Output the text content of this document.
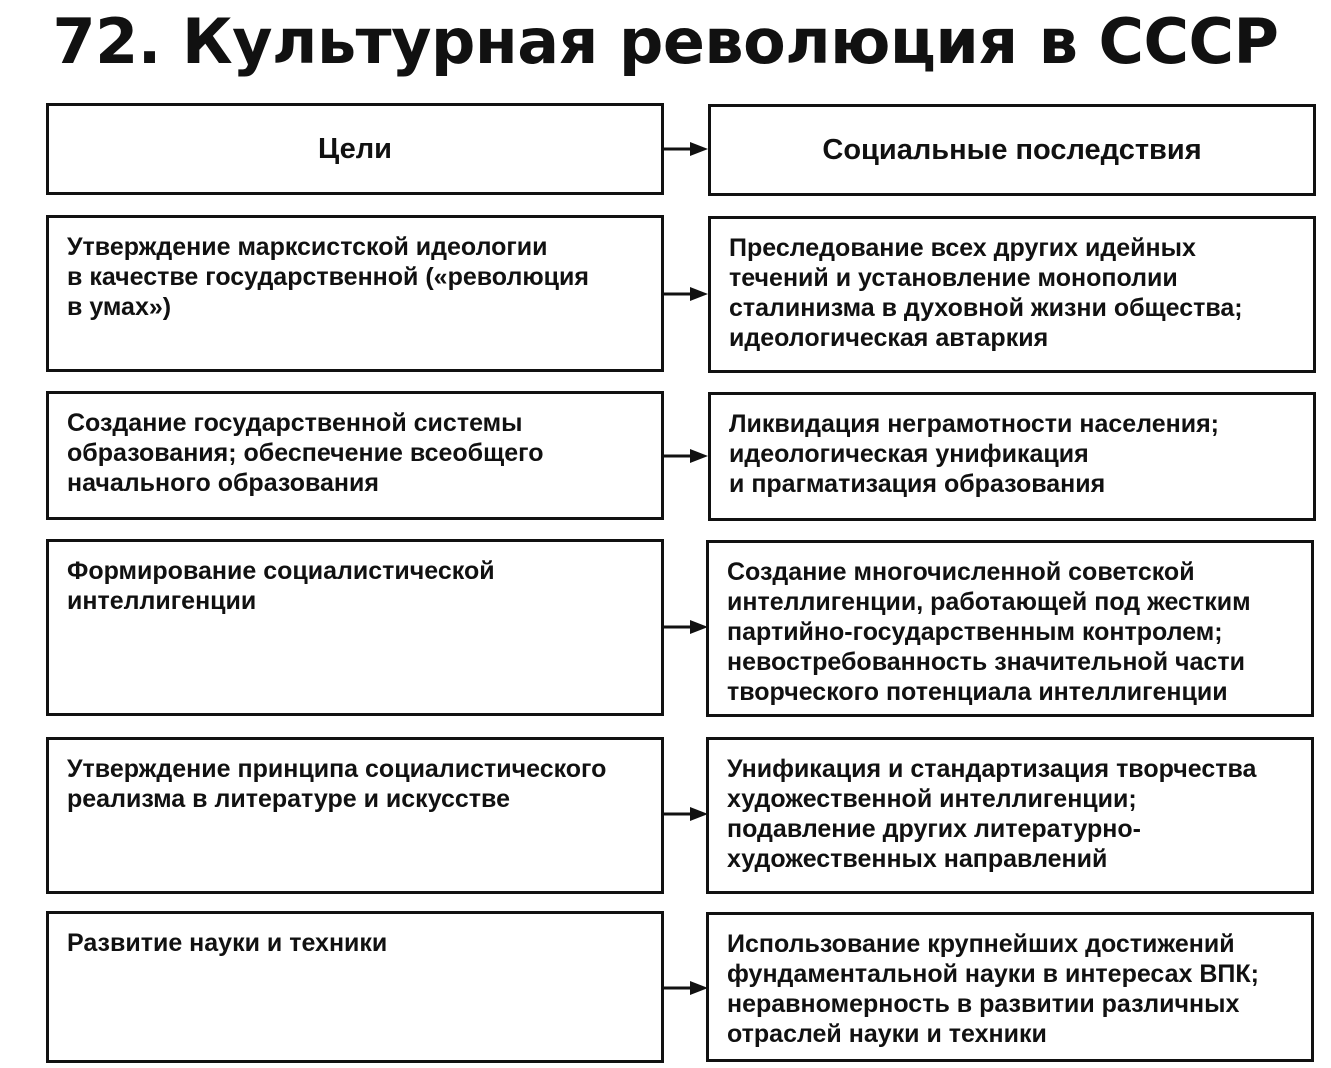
72. Культурная революция в СССР
Цели	Социальные последствия
Утверждение марксистской идеологии
в качестве государственной («революция
в умах»)
Преследование всех других идейных
течений и установление монополии
сталинизма в духовной жизни общества;
идеологическая автаркия
Создание государственной системы
образования; обеспечение всеобщего
начального образования
Ликвидация неграмотности населения;
идеологическая унификация
и прагматизация образования
Формирование социалистической
интеллигенции
Создание многочисленной советской
интеллигенции, работающей под жестким
партийно-государственным контролем;
невостребованность значительной части
творческого потенциала интеллигенции
Утверждение принципа социалистического
реализма в литературе и искусстве
Унификация и стандартизация творчества
художественной интеллигенции;
подавление других литературно-
художественных направлений
Развитие науки и техники	Использование крупнейших достижений
фундаментальной науки в интересах ВПК;
неравномерность в развитии различных
отраслей науки и техники
